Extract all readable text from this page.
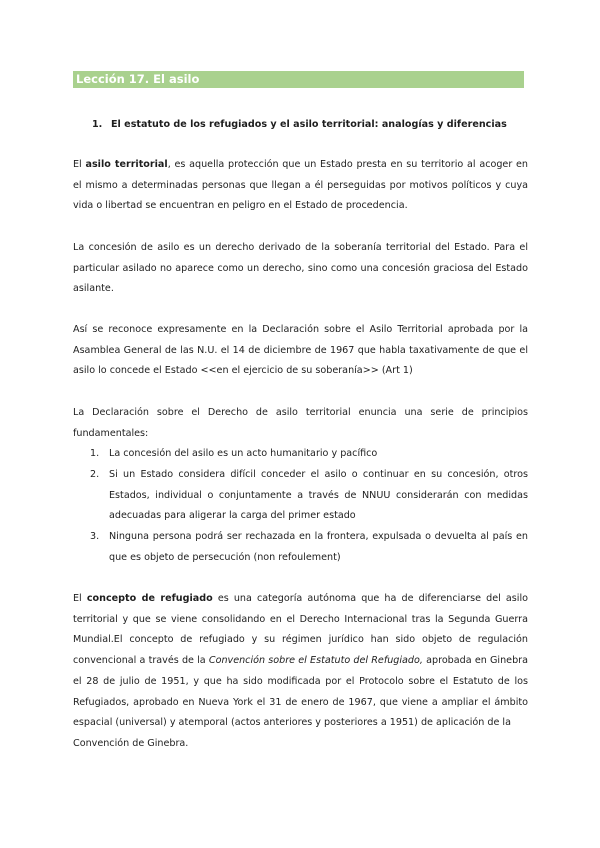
Lección 17. El asilo
1. El estatuto de los refugiados y el asilo territorial: analogías y diferencias
El asilo territorial, es aquella protección que un Estado presta en su territorio al acoger en el mismo a determinadas personas que llegan a él perseguidas por motivos políticos y cuya vida o libertad se encuentran en peligro en el Estado de procedencia.
La concesión de asilo es un derecho derivado de la soberanía territorial del Estado. Para el particular asilado no aparece como un derecho, sino como una concesión graciosa del Estado asilante.
Así se reconoce expresamente en la Declaración sobre el Asilo Territorial aprobada por la Asamblea General de las N.U. el 14 de diciembre de 1967 que habla taxativamente de que el asilo lo concede el Estado <<en el ejercicio de su soberanía>> (Art 1)
La Declaración sobre el Derecho de asilo territorial enuncia una serie de principios fundamentales:
1. La concesión del asilo es un acto humanitario y pacífico
2. Si un Estado considera difícil conceder el asilo o continuar en su concesión, otros Estados, individual o conjuntamente a través de NNUU considerarán con medidas adecuadas para aligerar la carga del primer estado
3. Ninguna persona podrá ser rechazada en la frontera, expulsada o devuelta al país en que es objeto de persecución (non refoulement)
El concepto de refugiado es una categoría autónoma que ha de diferenciarse del asilo territorial y que se viene consolidando en el Derecho Internacional tras la Segunda Guerra Mundial.El concepto de refugiado y su régimen jurídico han sido objeto de regulación convencional a través de la Convención sobre el Estatuto del Refugiado, aprobada en Ginebra el 28 de julio de 1951, y que ha sido modificada por el Protocolo sobre el Estatuto de los Refugiados, aprobado en Nueva York el 31 de enero de 1967, que viene a ampliar el ámbito espacial (universal) y atemporal (actos anteriores y posteriores a 1951) de aplicación de la
Convención de Ginebra.
